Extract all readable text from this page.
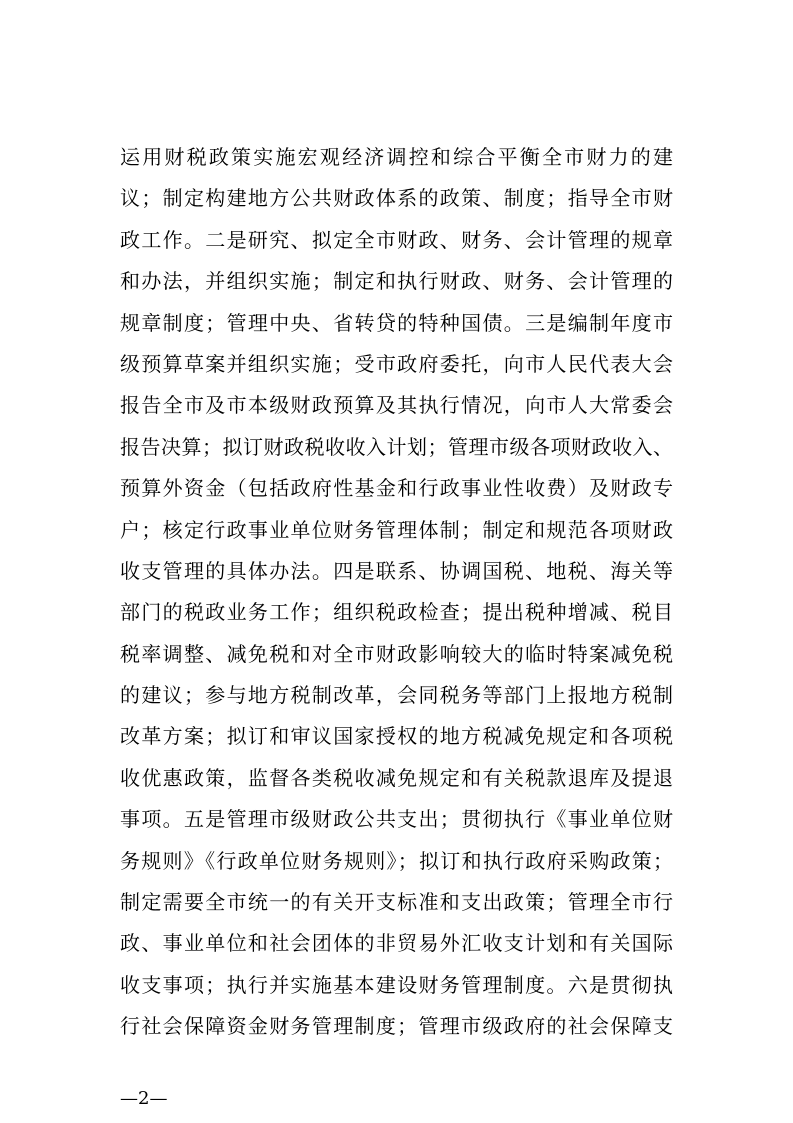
运用财税政策实施宏观经济调控和综合平衡全市财力的建
议；制定构建地方公共财政体系的政策、制度；指导全市财
政工作。二是研究、拟定全市财政、财务、会计管理的规章
和办法，并组织实施；制定和执行财政、财务、会计管理的
规章制度；管理中央、省转贷的特种国债。三是编制年度市
级预算草案并组织实施；受市政府委托，向市人民代表大会
报告全市及市本级财政预算及其执行情况，向市人大常委会
报告决算；拟订财政税收收入计划；管理市级各项财政收入、
预算外资金（包括政府性基金和行政事业性收费）及财政专
户；核定行政事业单位财务管理体制；制定和规范各项财政
收支管理的具体办法。四是联系、协调国税、地税、海关等
部门的税政业务工作；组织税政检查；提出税种增减、税目
税率调整、减免税和对全市财政影响较大的临时特案减免税
的建议；参与地方税制改革，会同税务等部门上报地方税制
改革方案；拟订和审议国家授权的地方税减免规定和各项税
收优惠政策，监督各类税收减免规定和有关税款退库及提退
事项。五是管理市级财政公共支出；贯彻执行《事业单位财
务规则》《行政单位财务规则》；拟订和执行政府采购政策；
制定需要全市统一的有关开支标准和支出政策；管理全市行
政、事业单位和社会团体的非贸易外汇收支计划和有关国际
收支事项；执行并实施基本建设财务管理制度。六是贯彻执
行社会保障资金财务管理制度；管理市级政府的社会保障支
—2—
